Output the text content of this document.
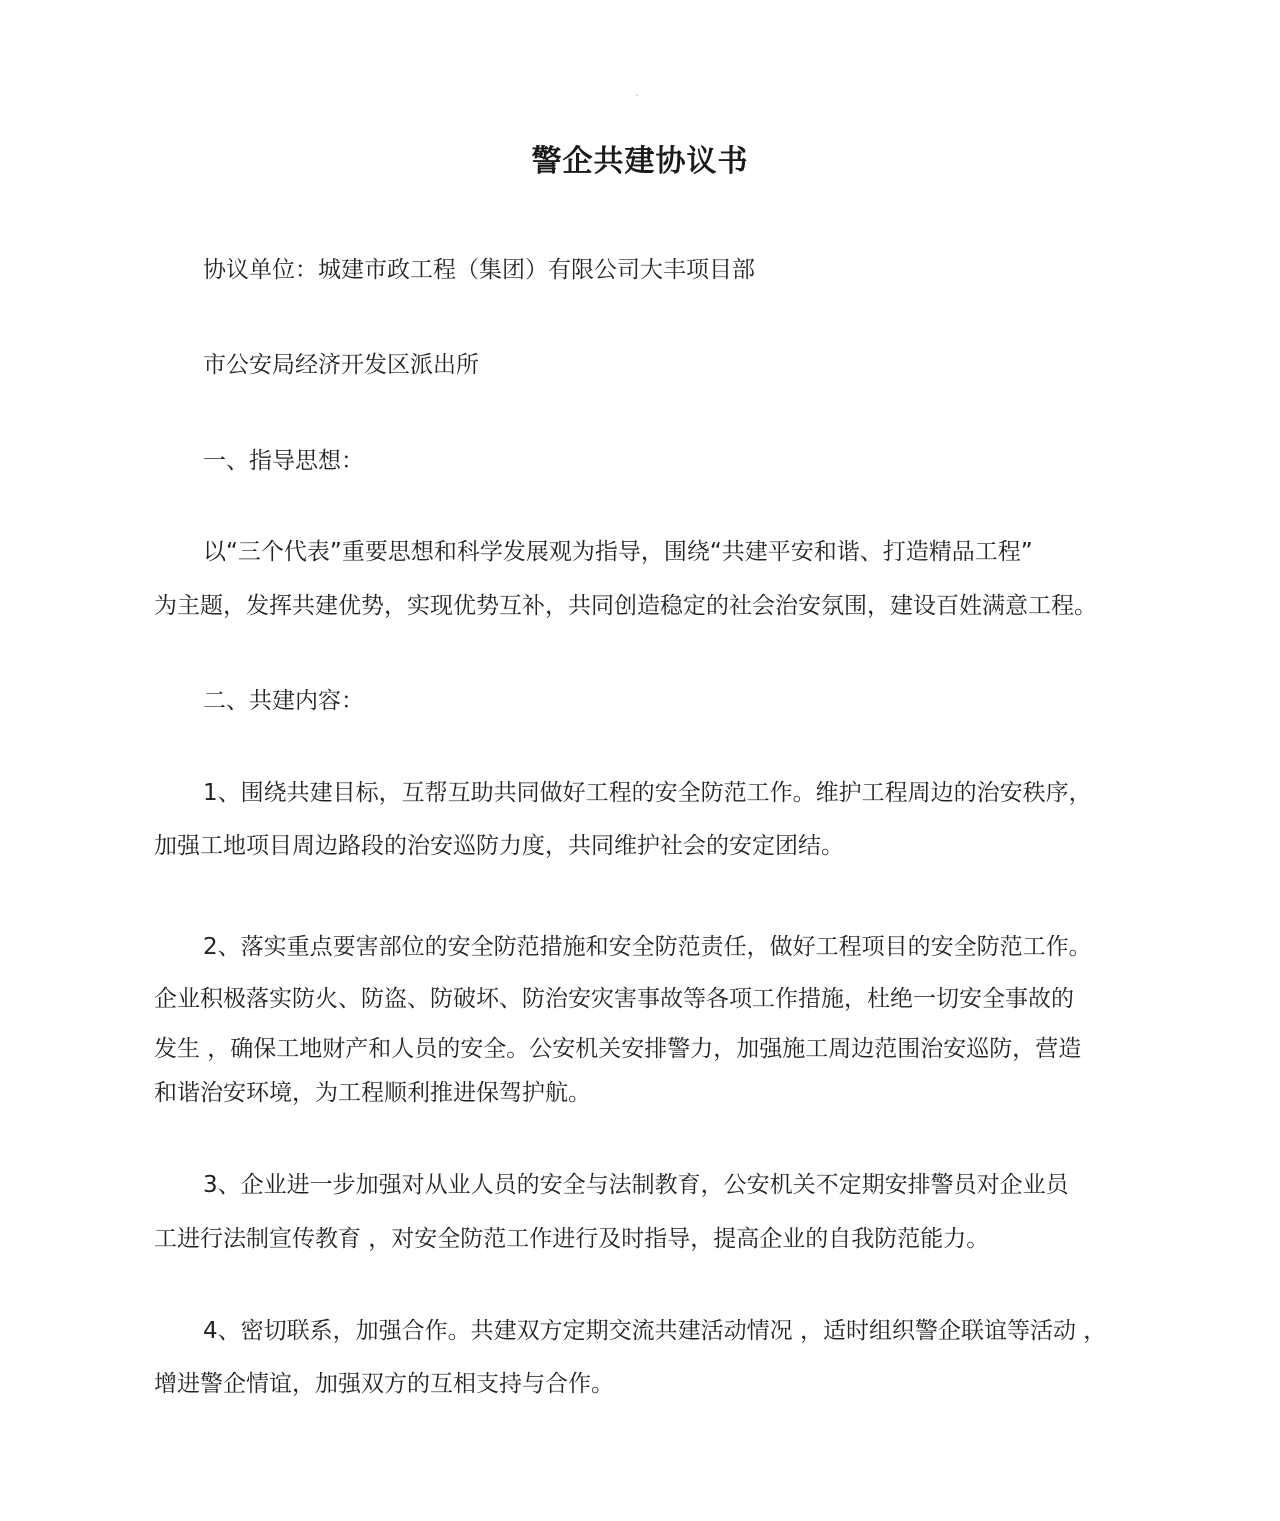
警企共建协议书
协议单位：城建市政工程（集团）有限公司大丰项目部
市公安局经济开发区派出所
一、指导思想：
以“三个代表”重要思想和科学发展观为指导，围绕“共建平安和谐、打造精品工程”
为主题，发挥共建优势，实现优势互补，共同创造稳定的社会治安氛围，建设百姓满意工程。
二、共建内容：
1、围绕共建目标，互帮互助共同做好工程的安全防范工作。维护工程周边的治安秩序，
加强工地项目周边路段的治安巡防力度，共同维护社会的安定团结。
2、落实重点要害部位的安全防范措施和安全防范责任，做好工程项目的安全防范工作。
企业积极落实防火、防盗、防破坏、防治安灾害事故等各项工作措施，杜绝一切安全事故的
发生 ，确保工地财产和人员的安全。公安机关安排警力，加强施工周边范围治安巡防，营造
和谐治安环境，为工程顺利推进保驾护航。
3、企业进一步加强对从业人员的安全与法制教育，公安机关不定期安排警员对企业员
工进行法制宣传教育 ，对安全防范工作进行及时指导，提高企业的自我防范能力。
4、密切联系，加强合作。共建双方定期交流共建活动情况 ，适时组织警企联谊等活动 ，
增进警企情谊，加强双方的互相支持与合作。
